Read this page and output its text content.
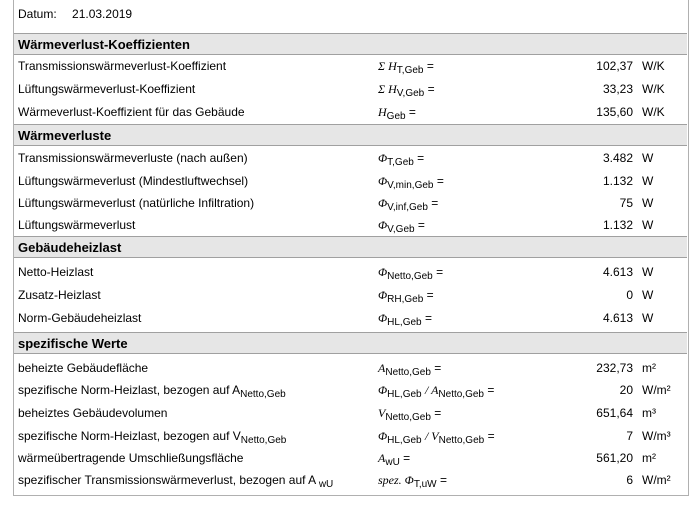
Datum: 21.03.2019
Wärmeverlust-Koeffizienten
Transmissionswärmeverlust-Koeffizient	Σ $H_{T,Geb}$ =	102,37 W/K
Lüftungswärmeverlust-Koeffizient	Σ $H_{V,Geb}$ =	33,23 W/K
Wärmeverlust-Koeffizient für das Gebäude	$H_{Geb}$ =	135,60 W/K
Wärmeverluste
Transmissionswärmeverluste (nach außen)	$\Phi_{T,Geb}$ =	3.482 W
Lüftungswärmeverlust (Mindestluftwechsel)	$\Phi_{V,min,Geb}$ =	1.132 W
Lüftungswärmeverlust (natürliche Infiltration)	$\Phi_{V,inf,Geb}$ =	75 W
Lüftungswärmeverlust	$\Phi_{V,Geb}$ =	1.132 W
Gebäudeheizlast
Netto-Heizlast	$\Phi_{Netto,Geb}$ =	4.613 W
Zusatz-Heizlast	$\Phi_{RH,Geb}$ =	0 W
Norm-Gebäudeheizlast	$\Phi_{HL,Geb}$ =	4.613 W
spezifische Werte
beheizte Gebäudefläche	$A_{Netto,Geb}$ =	232,73 m²
spezifische Norm-Heizlast, bezogen auf $A_{Netto,Geb}$	$\Phi_{HL,Geb} / A_{Netto,Geb}$ =	20 W/m²
beheiztes Gebäudevolumen	$V_{Netto,Geb}$ =	651,64 m³
spezifische Norm-Heizlast, bezogen auf $V_{Netto,Geb}$	$\Phi_{HL,Geb} / V_{Netto,Geb}$ =	7 W/m³
wärmeübertragende Umschließungsfläche	$A_{wU}$ =	561,20 m²
spezifischer Transmissionswärmeverlust, bezogen auf A $_{wU}$	spez. $\Phi_{T,uW}$ =	6 W/m²
